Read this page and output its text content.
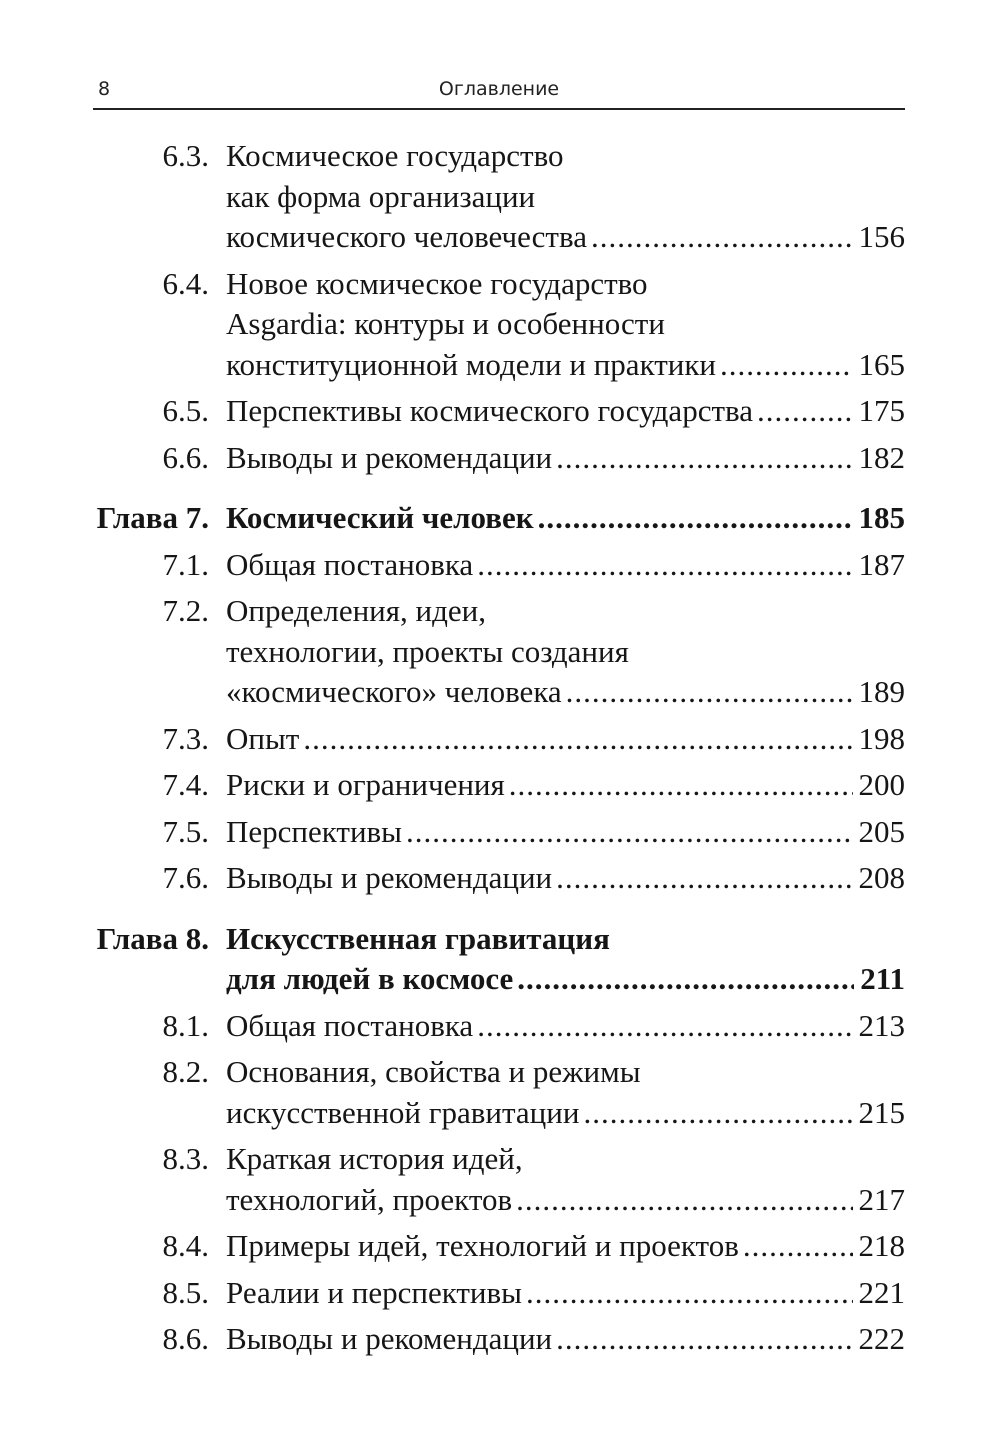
8	Оглавление
6.3. Космическое государство
как форма организации
космического человечества .....	156
6.4. Новое космическое государство
Asgardia: контуры и особенности
конституционной модели и практики .....	165
6.5. Перспективы космического государства .....	175
6.6. Выводы и рекомендации .....	182
Глава 7. Космический человек .....	185
7.1. Общая постановка .....	187
7.2. Определения, идеи,
технологии, проекты создания
«космического» человека .....	189
7.3. Опыт .....	198
7.4. Риски и ограничения .....	200
7.5. Перспективы .....	205
7.6. Выводы и рекомендации .....	208
Глава 8. Искусственная гравитация
для людей в космосе .....	211
8.1. Общая постановка .....	213
8.2. Основания, свойства и режимы
искусственной гравитации .....	215
8.3. Краткая история идей,
технологий, проектов .....	217
8.4. Примеры идей, технологий и проектов .....	218
8.5. Реалии и перспективы .....	221
8.6. Выводы и рекомендации .....	222
